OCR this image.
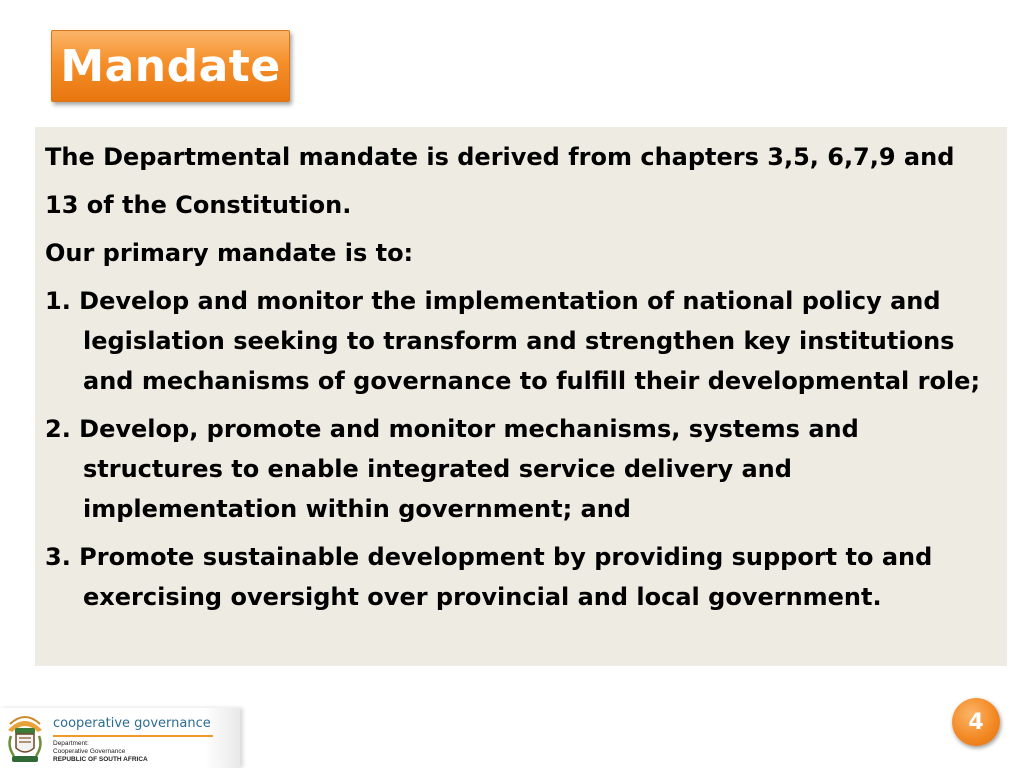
Mandate

The Departmental mandate is derived from chapters 3,5, 6,7,9 and

13 of the Constitution.

Our primary mandate is to:

1. Develop and monitor the implementation of national policy and legislation seeking to transform and strengthen key institutions and mechanisms of governance to fulfill their developmental role;

2. Develop, promote and monitor mechanisms, systems and structures to enable integrated service delivery and implementation within government; and

3. Promote sustainable development by providing support to and exercising oversight over provincial and local government.

cooperative governance
Department:
Cooperative Governance
REPUBLIC OF SOUTH AFRICA
4
